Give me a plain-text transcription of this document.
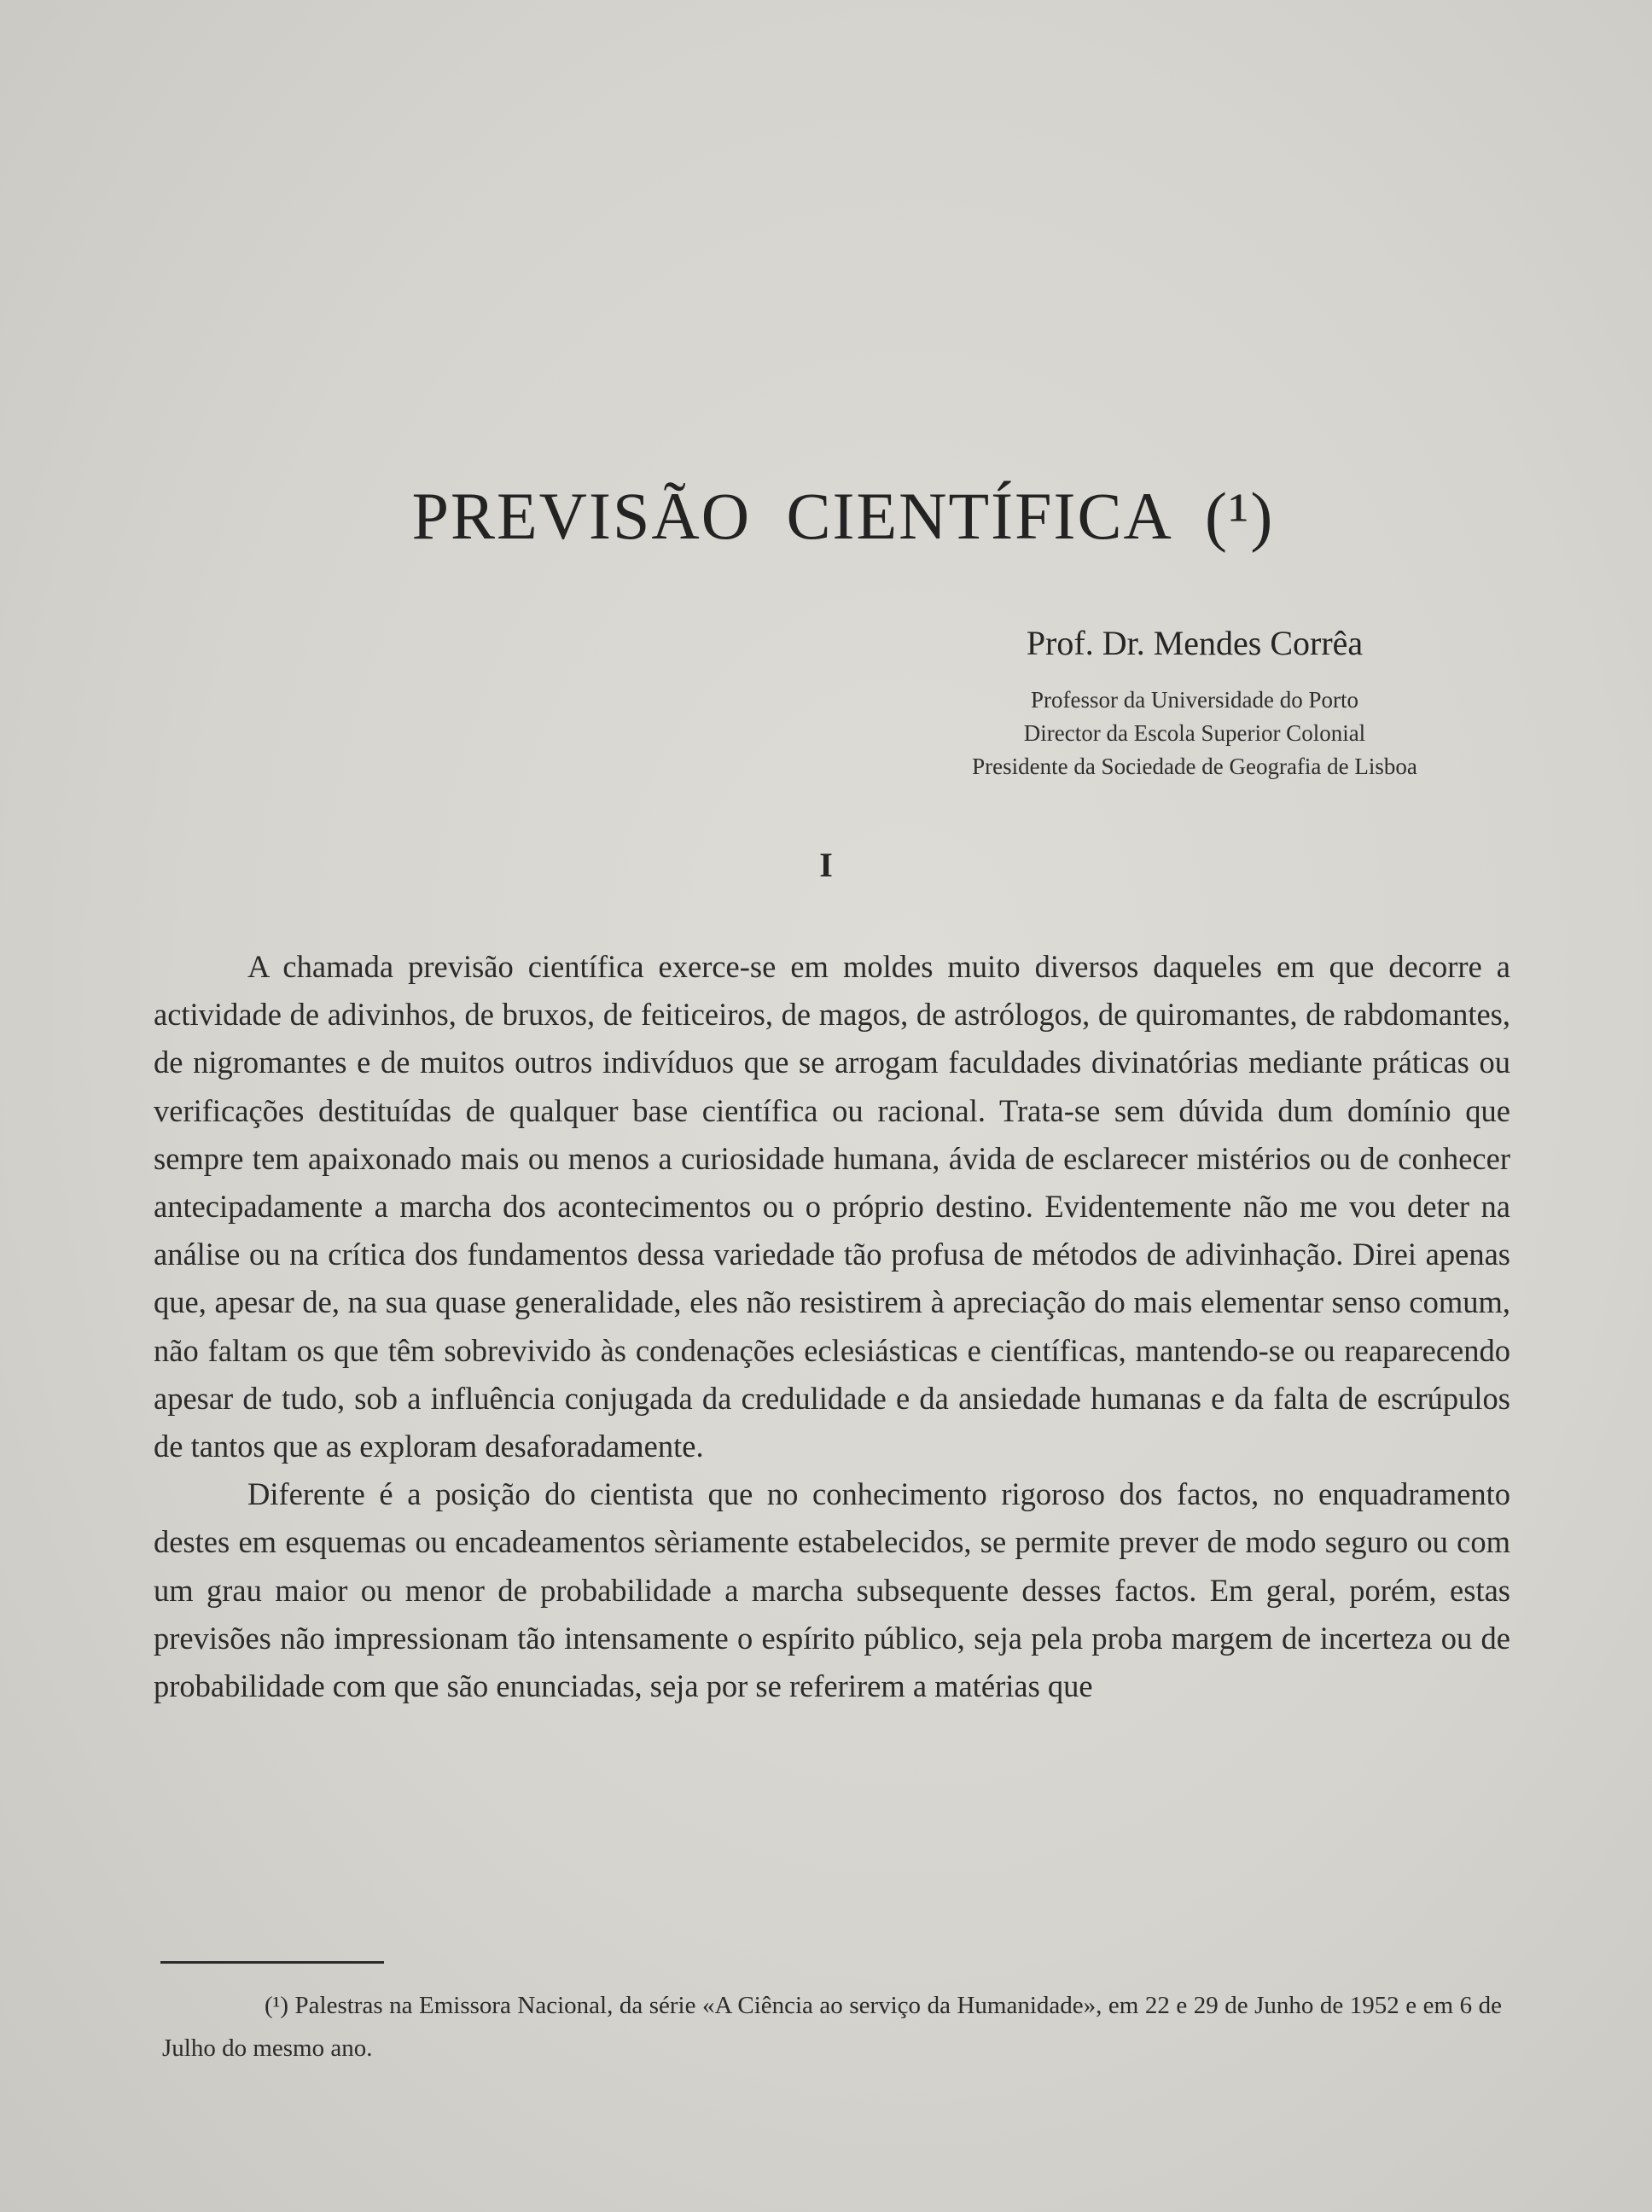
PREVISÃO CIENTÍFICA (¹)
Prof. Dr. Mendes Corrêa
Professor da Universidade do Porto
Director da Escola Superior Colonial
Presidente da Sociedade de Geografia de Lisboa
I

A chamada previsão científica exerce-se em moldes muito diversos daqueles em que decorre a actividade de adivinhos, de bruxos, de feiticeiros, de magos, de astrólogos, de quiromantes, de rabdomantes, de nigromantes e de muitos outros indivíduos que se arrogam faculdades divinatórias mediante práticas ou verificações destituídas de qualquer base científica ou racional. Trata-se sem dúvida dum domínio que sempre tem apaixonado mais ou menos a curiosidade humana, ávida de esclarecer mistérios ou de conhecer antecipadamente a marcha dos acontecimentos ou o próprio destino. Evidentemente não me vou deter na análise ou na crítica dos fundamentos dessa variedade tão profusa de métodos de adivinhação. Direi apenas que, apesar de, na sua quase generalidade, eles não resistirem à apreciação do mais elementar senso comum, não faltam os que têm sobrevivido às condenações eclesiásticas e científicas, mantendo-se ou reaparecendo apesar de tudo, sob a influência conjugada da credulidade e da ansiedade humanas e da falta de escrúpulos de tantos que as exploram desaforadamente.

Diferente é a posição do cientista que no conhecimento rigoroso dos factos, no enquadramento destes em esquemas ou encadeamentos sèriamente estabelecidos, se permite prever de modo seguro ou com um grau maior ou menor de probabilidade a marcha subsequente desses factos. Em geral, porém, estas previsões não impressionam tão intensamente o espírito público, seja pela proba margem de incerteza ou de probabilidade com que são enunciadas, seja por se referirem a matérias que

(¹) Palestras na Emissora Nacional, da série «A Ciência ao serviço da Humanidade», em 22 e 29 de Junho de 1952 e em 6 de Julho do mesmo ano.
